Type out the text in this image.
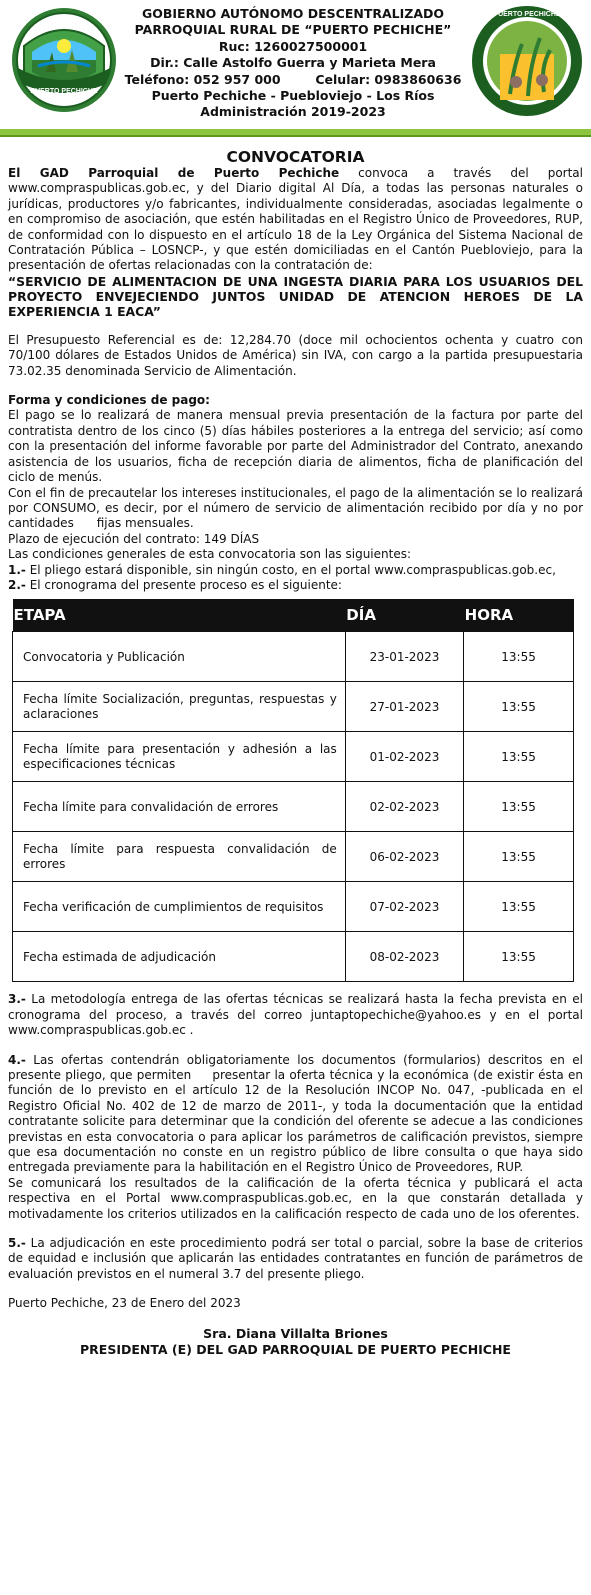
PUERTO PECHICHE
GOBIERNO AUTÓNOMO DESCENTRALIZADO
PARROQUIAL RURAL DE “PUERTO PECHICHE”
Ruc: 1260027500001
Dir.: Calle Astolfo Guerra y Marieta Mera
Teléfono: 052 957 000        Celular: 0983860636
Puerto Pechiche - Puebloviejo - Los Ríos
Administración 2019-2023
PUERTO PECHICHE

CONVOCATORIA

El GAD Parroquial de Puerto Pechiche convoca a través del portal www.compraspublicas.gob.ec, y del Diario digital Al Día, a todas las personas naturales o jurídicas, productores y/o fabricantes, individualmente consideradas, asociadas legalmente o en compromiso de asociación, que estén habilitadas en el Registro Único de Proveedores, RUP, de conformidad con lo dispuesto en el artículo 18 de la Ley Orgánica del Sistema Nacional de Contratación Pública – LOSNCP-, y que estén domiciliadas en el Cantón Puebloviejo, para la presentación de ofertas relacionadas con la contratación de:

“SERVICIO DE ALIMENTACION DE UNA INGESTA DIARIA PARA LOS USUARIOS DEL PROYECTO ENVEJECIENDO JUNTOS UNIDAD DE ATENCION HEROES DE LA EXPERIENCIA 1 EACA”

El Presupuesto Referencial es de: 12,284.70 (doce mil ochocientos ochenta y cuatro con 70/100 dólares de Estados Unidos de América) sin IVA, con cargo a la partida presupuestaria 73.02.35 denominada Servicio de Alimentación.

Forma y condiciones de pago:

El pago se lo realizará de manera mensual previa presentación de la factura por parte del contratista dentro de los cinco (5) días hábiles posteriores a la entrega del servicio; así como con la presentación del informe favorable por parte del Administrador del Contrato, anexando asistencia de los usuarios, ficha de recepción diaria de alimentos, ficha de planificación del ciclo de menús.

Con el fin de precautelar los intereses institucionales, el pago de la alimentación se lo realizará por CONSUMO, es decir, por el número de servicio de alimentación recibido por día y no por cantidades      fijas mensuales.

Plazo de ejecución del contrato: 149 DÍAS

Las condiciones generales de esta convocatoria son las siguientes:

1.- El pliego estará disponible, sin ningún costo, en el portal www.compraspublicas.gob.ec,

2.- El cronograma del presente proceso es el siguiente:

ETAPA	DÍA	HORA
Convocatoria y Publicación	23-01-2023	13:55
Fecha límite Socialización, preguntas, respuestas y aclaraciones	27-01-2023	13:55
Fecha límite para presentación y adhesión a las especificaciones técnicas	01-02-2023	13:55
Fecha límite para convalidación de errores	02-02-2023	13:55
Fecha límite para respuesta convalidación de errores	06-02-2023	13:55
Fecha verificación de cumplimientos de requisitos	07-02-2023	13:55
Fecha estimada de adjudicación	08-02-2023	13:55

3.- La metodología entrega de las ofertas técnicas se realizará hasta la fecha prevista en el cronograma del proceso, a través del correo juntaptopechiche@yahoo.es y en el portal www.compraspublicas.gob.ec .

4.- Las ofertas contendrán obligatoriamente los documentos (formularios) descritos en el presente pliego, que permiten     presentar la oferta técnica y la económica (de existir ésta en función de lo previsto en el artículo 12 de la Resolución INCOP No. 047, -publicada en el Registro Oficial No. 402 de 12 de marzo de 2011-, y toda la documentación que la entidad contratante solicite para determinar que la condición del oferente se adecue a las condiciones previstas en esta convocatoria o para aplicar los parámetros de calificación previstos, siempre que esa documentación no conste en un registro público de libre consulta o que haya sido entregada previamente para la habilitación en el Registro Único de Proveedores, RUP.

Se comunicará los resultados de la calificación de la oferta técnica y publicará el acta respectiva en el Portal www.compraspublicas.gob.ec, en la que constarán detallada y motivadamente los criterios utilizados en la calificación respecto de cada uno de los oferentes.

5.- La adjudicación en este procedimiento podrá ser total o parcial, sobre la base de criterios de equidad e inclusión que aplicarán las entidades contratantes en función de parámetros de evaluación previstos en el numeral 3.7 del presente pliego.

Puerto Pechiche, 23 de Enero del 2023

Sra. Diana Villalta Briones

PRESIDENTA (E) DEL GAD PARROQUIAL DE PUERTO PECHICHE
